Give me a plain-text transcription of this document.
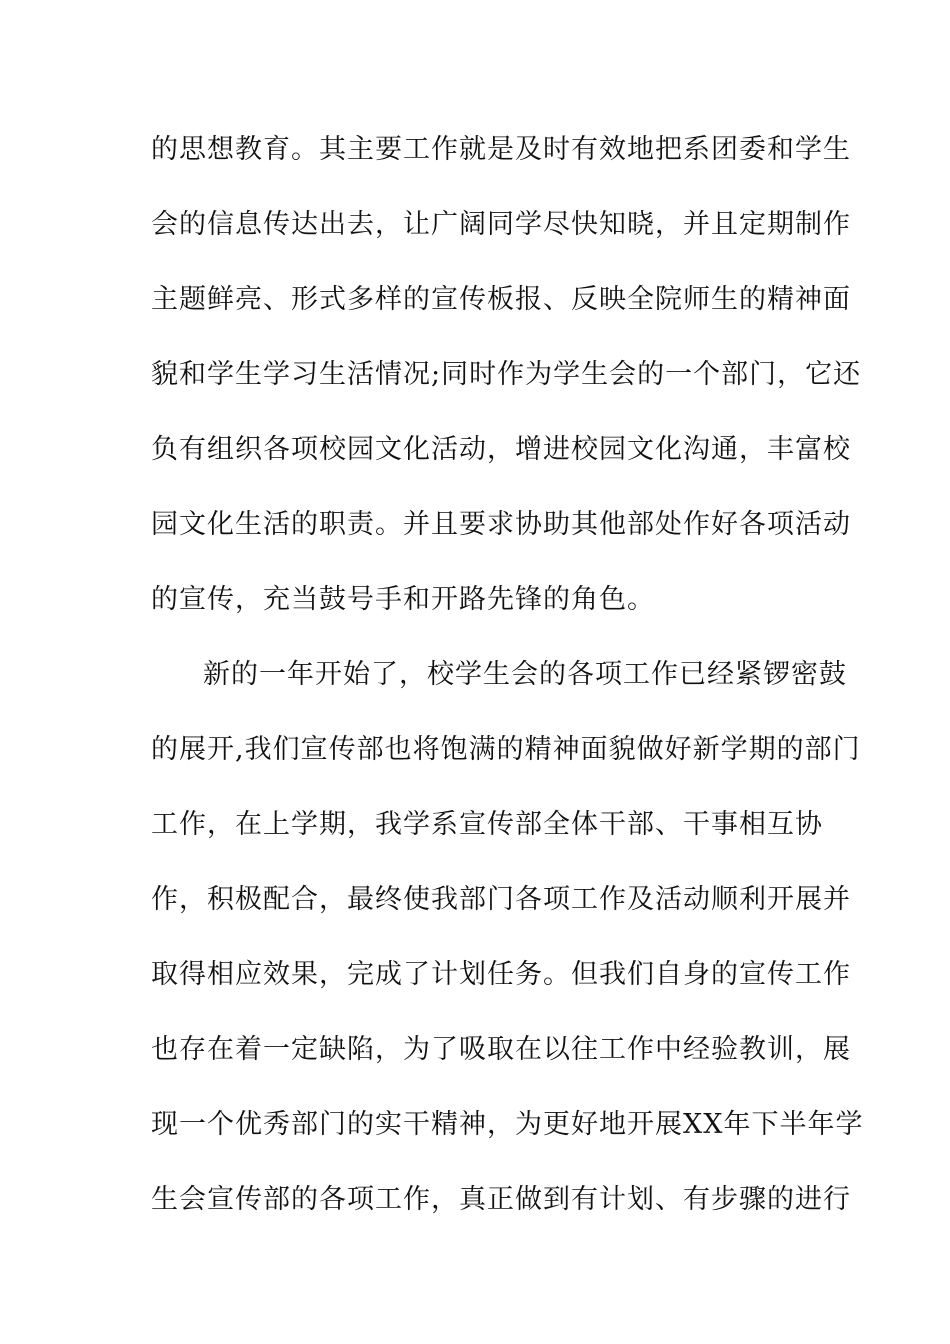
的思想教育。其主要工作就是及时有效地把系团委和学生
会的信息传达出去，让广阔同学尽快知晓，并且定期制作
主题鲜亮、形式多样的宣传板报、反映全院师生的精神面
貌和学生学习生活情况;同时作为学生会的一个部门，它还
负有组织各项校园文化活动，增进校园文化沟通，丰富校
园文化生活的职责。并且要求协助其他部处作好各项活动
的宣传，充当鼓号手和开路先锋的角色。
新的一年开始了，校学生会的各项工作已经紧锣密鼓
的展开,我们宣传部也将饱满的精神面貌做好新学期的部门
工作，在上学期，我学系宣传部全体干部、干事相互协
作，积极配合，最终使我部门各项工作及活动顺利开展并
取得相应效果，完成了计划任务。但我们自身的宣传工作
也存在着一定缺陷，为了吸取在以往工作中经验教训，展
现一个优秀部门的实干精神，为更好地开展XX年下半年学
生会宣传部的各项工作，真正做到有计划、有步骤的进行
